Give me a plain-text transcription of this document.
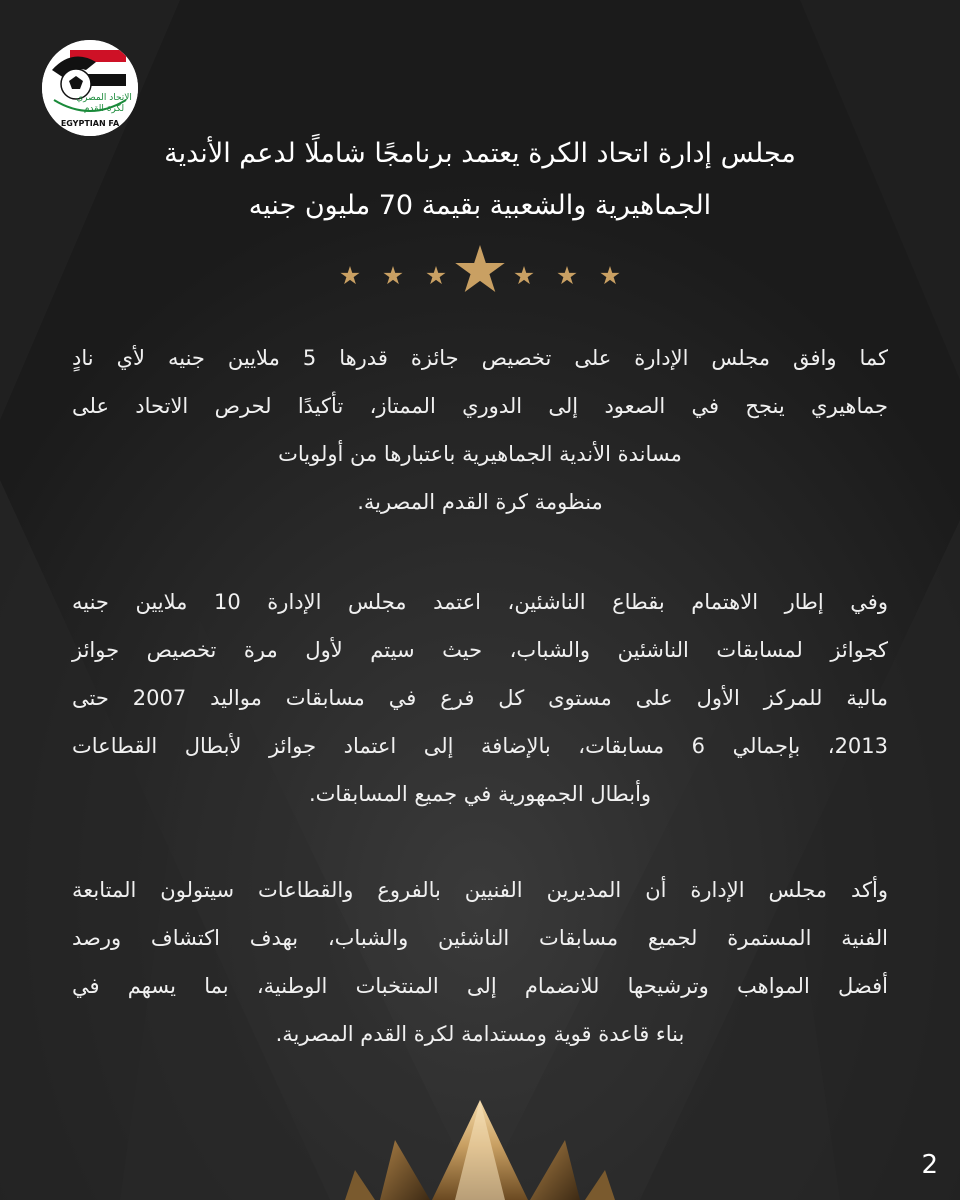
الاتحاد المصري
لكرة القدم
EGYPTIAN FA
مجلس إدارة اتحاد الكرة يعتمد برنامجًا شاملًا لدعم الأندية
الجماهيرية والشعبية بقيمة 70 مليون جنيه
كما وافق مجلس الإدارة على تخصيص جائزة قدرها 5 ملايين جنيه لأي نادٍ
جماهيري ينجح في الصعود إلى الدوري الممتاز، تأكيدًا لحرص الاتحاد على
مساندة الأندية الجماهيرية باعتبارها من أولويات
منظومة كرة القدم المصرية.
وفي إطار الاهتمام بقطاع الناشئين، اعتمد مجلس الإدارة 10 ملايين جنيه
كجوائز لمسابقات الناشئين والشباب، حيث سيتم لأول مرة تخصيص جوائز
مالية للمركز الأول على مستوى كل فرع في مسابقات مواليد 2007 حتى
2013، بإجمالي 6 مسابقات، بالإضافة إلى اعتماد جوائز لأبطال القطاعات
وأبطال الجمهورية في جميع المسابقات.
وأكد مجلس الإدارة أن المديرين الفنيين بالفروع والقطاعات سيتولون المتابعة
الفنية المستمرة لجميع مسابقات الناشئين والشباب، بهدف اكتشاف ورصد
أفضل المواهب وترشيحها للانضمام إلى المنتخبات الوطنية، بما يسهم في
بناء قاعدة قوية ومستدامة لكرة القدم المصرية.
2
